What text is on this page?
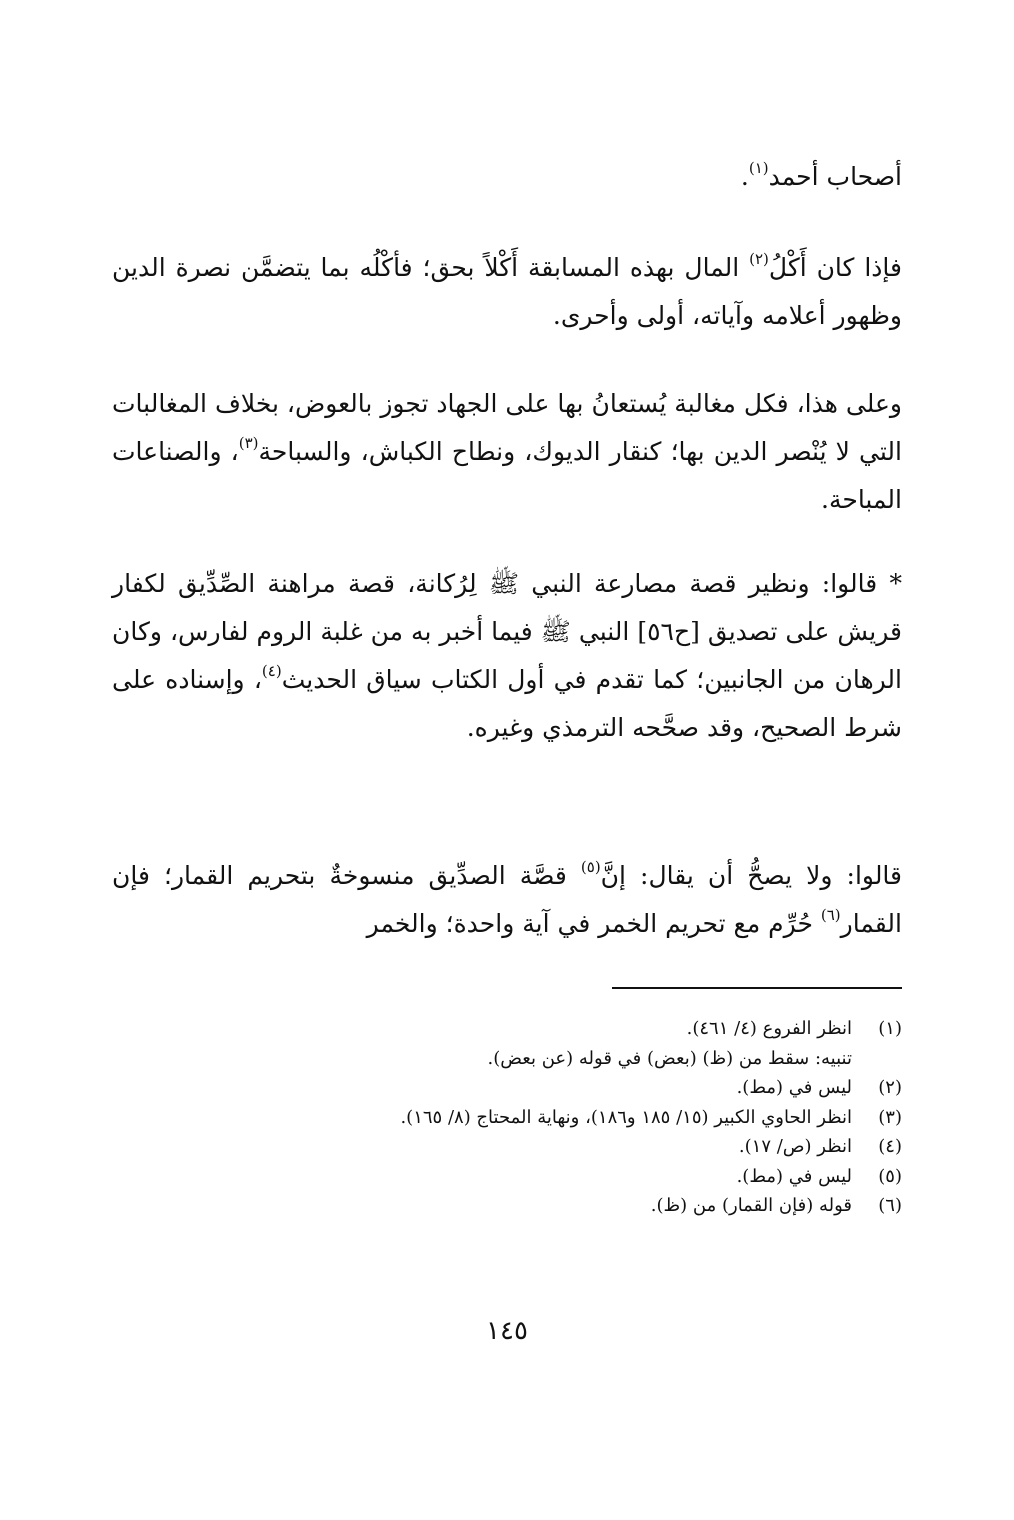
أصحاب أحمد$^{(١)}$.

فإذا كان أَكْلُ$^{(٢)}$ المال بهذه المسابقة أَكْلاً بحق؛ فأكْلُه بما يتضمَّن نصرة الدين وظهور أعلامه وآياته، أولى وأحرى.

وعلى هذا، فكل مغالبة يُستعانُ بها على الجهاد تجوز بالعوض، بخلاف المغالبات التي لا يُنْصر الدين بها؛ كنقار الديوك، ونطاح الكباش، والسباحة$^{(٣)}$، والصناعات المباحة.

* قالوا: ونظير قصة مصارعة النبي ﷺ لِرُكانة، قصة مراهنة الصِّدِّيق لكفار قريش على تصديق [ح٥٦] النبي ﷺ فيما أخبر به من غلبة الروم لفارس، وكان الرهان من الجانبين؛ كما تقدم في أول الكتاب سياق الحديث$^{(٤)}$، وإسناده على شرط الصحيح، وقد صحَّحه الترمذي وغيره.

قالوا: ولا يصحُّ أن يقال: إنَّ$^{(٥)}$ قصَّة الصدِّيق منسوخةٌ بتحريم القمار؛ فإن القمار$^{(٦)}$ حُرِّم مع تحريم الخمر في آية واحدة؛ والخمر

(١)انظر الفروع (٤/ ٤٦١).
تنبيه: سقط من (ظ) (بعض) في قوله (عن بعض).
(٢)ليس في (مط).
(٣)انظر الحاوي الكبير (١٥/ ١٨٥ و١٨٦)، ونهاية المحتاج (٨/ ١٦٥).
(٤)انظر (ص/ ١٧).
(٥)ليس في (مط).
(٦)قوله (فإن القمار) من (ظ).
١٤٥
